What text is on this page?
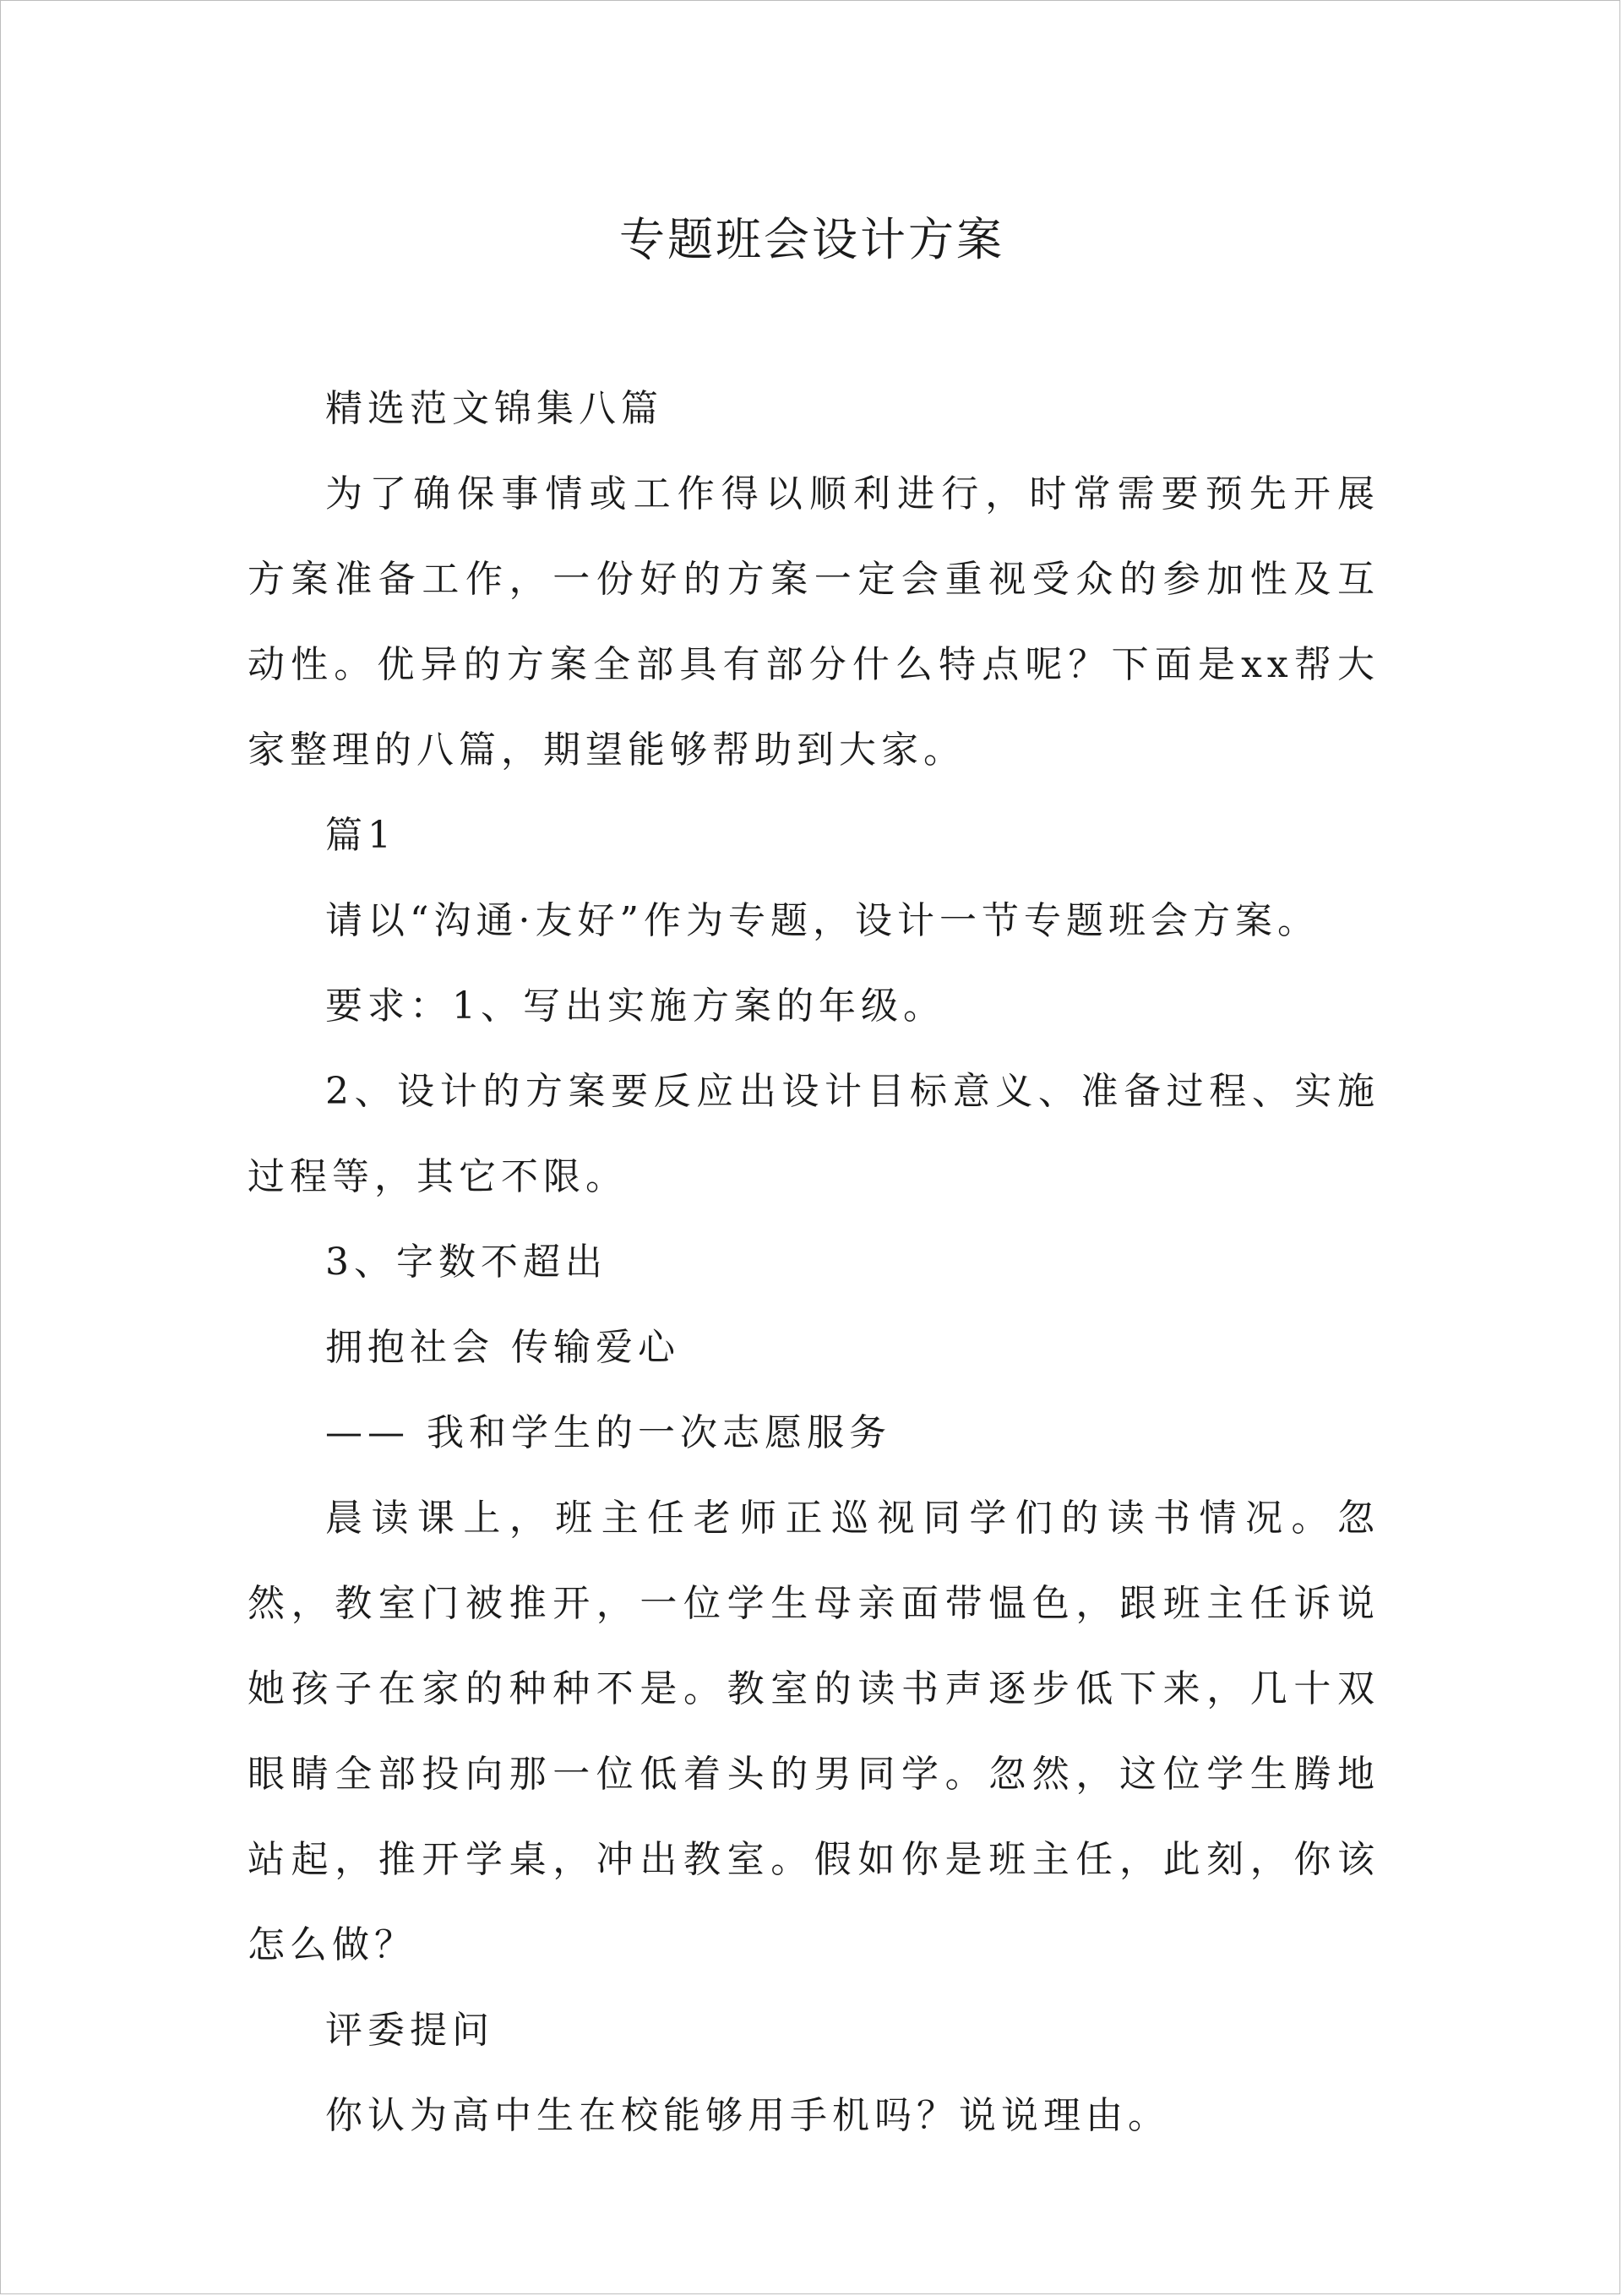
专题班会设计方案

精选范文锦集八篇

为了确保事情或工作得以顺利进行，时常需要预先开展方案准备工作，一份好的方案一定会重视受众的参加性及互动性。优异的方案全部具有部分什么特点呢？下面是xx帮大家整理的八篇，期望能够帮助到大家。

篇1

请以“沟通·友好”作为专题，设计一节专题班会方案。

要求：1、写出实施方案的年级。

2、设计的方案要反应出设计目标意义、准备过程、实施过程等，其它不限。

3、字数不超出

拥抱社会 传输爱心

—— 我和学生的一次志愿服务

晨读课上，班主任老师正巡视同学们的读书情况。忽然，教室门被推开，一位学生母亲面带愠色，跟班主任诉说她孩子在家的种种不是。教室的读书声逐步低下来，几十双眼睛全部投向那一位低着头的男同学。忽然，这位学生腾地站起，推开学桌，冲出教室。假如你是班主任，此刻，你该怎么做？

评委提问

你认为高中生在校能够用手机吗？说说理由。
